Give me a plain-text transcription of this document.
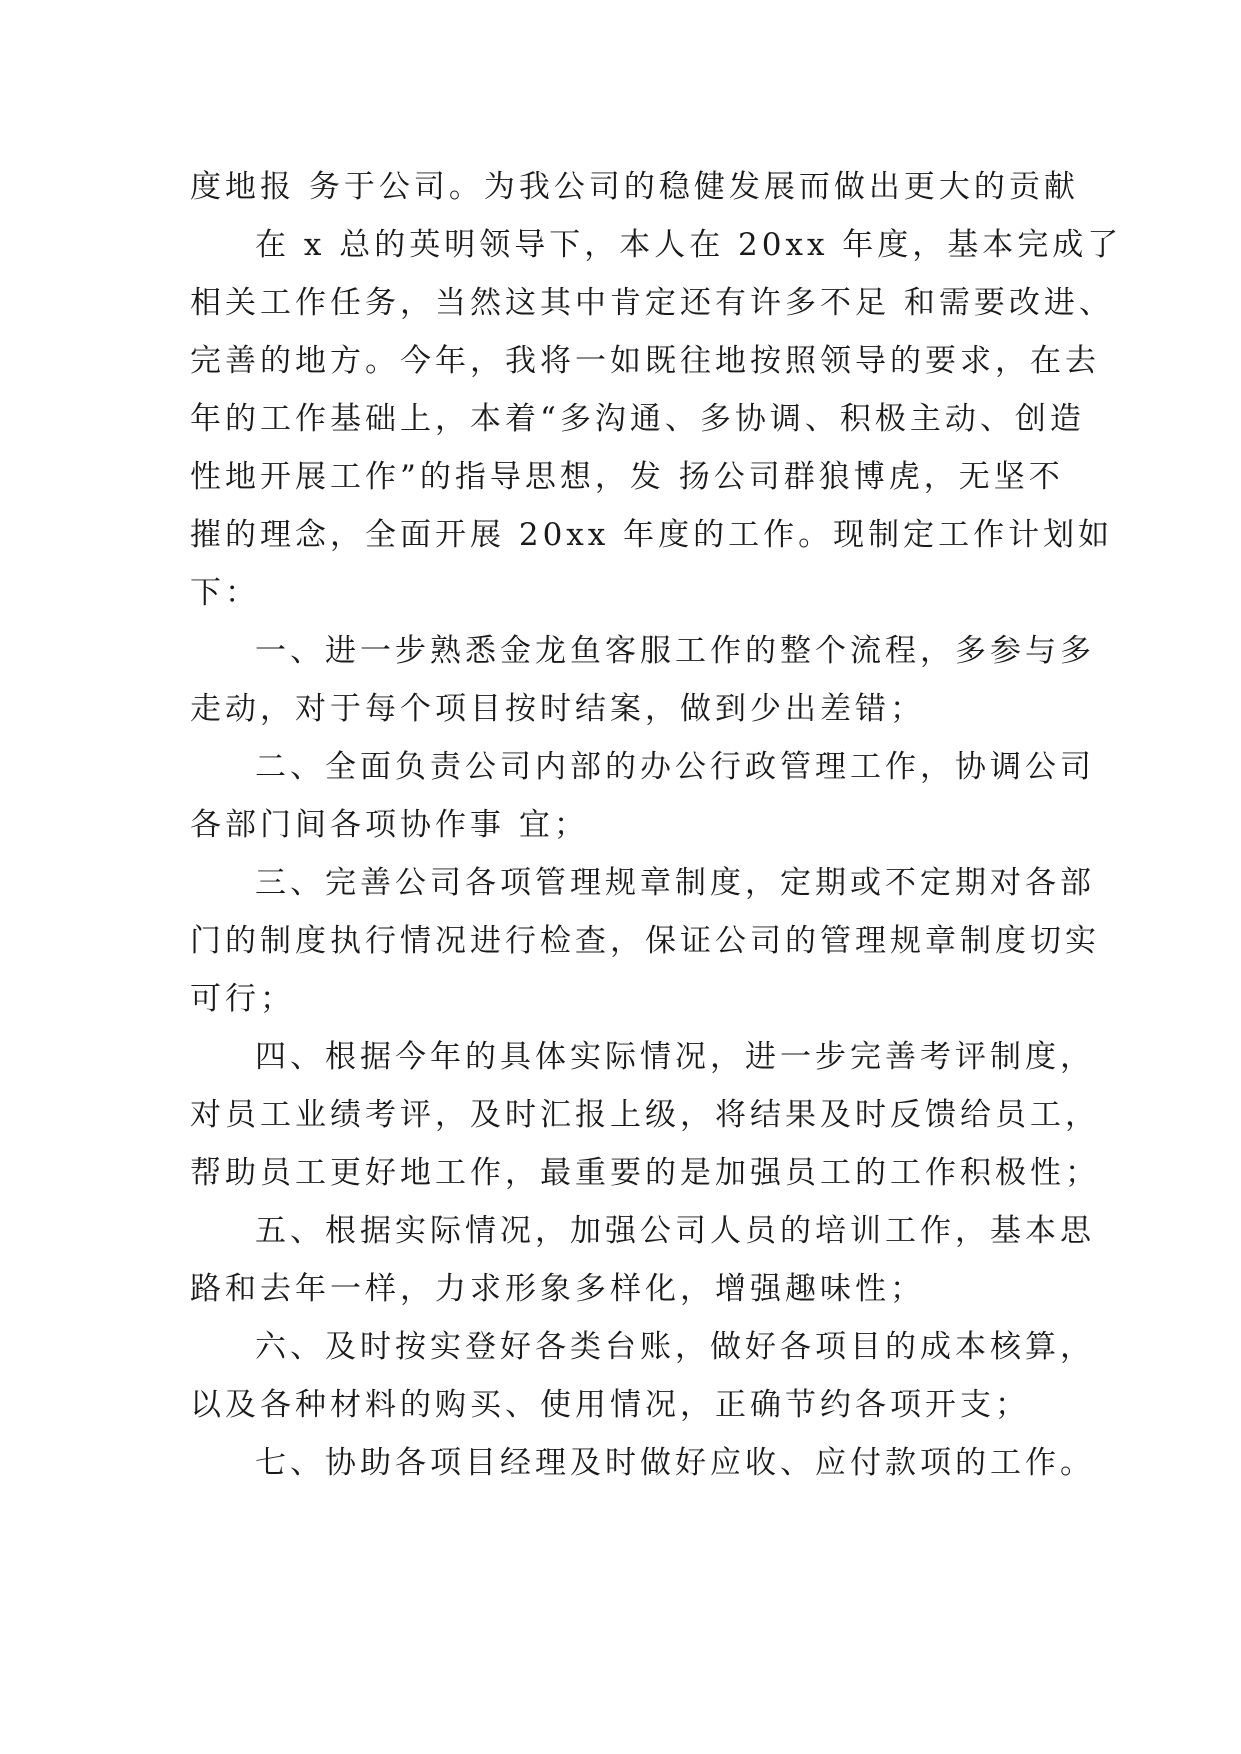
度地报 务于公司。为我公司的稳健发展而做出更大的贡献
在 x 总的英明领导下，本人在 20xx 年度，基本完成了
相关工作任务，当然这其中肯定还有许多不足 和需要改进、
完善的地方。今年，我将一如既往地按照领导的要求，在去
年的工作基础上，本着“多沟通、多协调、积极主动、创造
性地开展工作”的指导思想，发 扬公司群狼博虎，无坚不
摧的理念，全面开展 20xx 年度的工作。现制定工作计划如
下：
一、进一步熟悉金龙鱼客服工作的整个流程，多参与多
走动，对于每个项目按时结案，做到少出差错；
二、全面负责公司内部的办公行政管理工作，协调公司
各部门间各项协作事 宜；
三、完善公司各项管理规章制度，定期或不定期对各部
门的制度执行情况进行检查，保证公司的管理规章制度切实
可行；
四、根据今年的具体实际情况，进一步完善考评制度，
对员工业绩考评，及时汇报上级，将结果及时反馈给员工，
帮助员工更好地工作，最重要的是加强员工的工作积极性；
五、根据实际情况，加强公司人员的培训工作，基本思
路和去年一样，力求形象多样化，增强趣味性；
六、及时按实登好各类台账，做好各项目的成本核算，
以及各种材料的购买、使用情况，正确节约各项开支；
七、协助各项目经理及时做好应收、应付款项的工作。
